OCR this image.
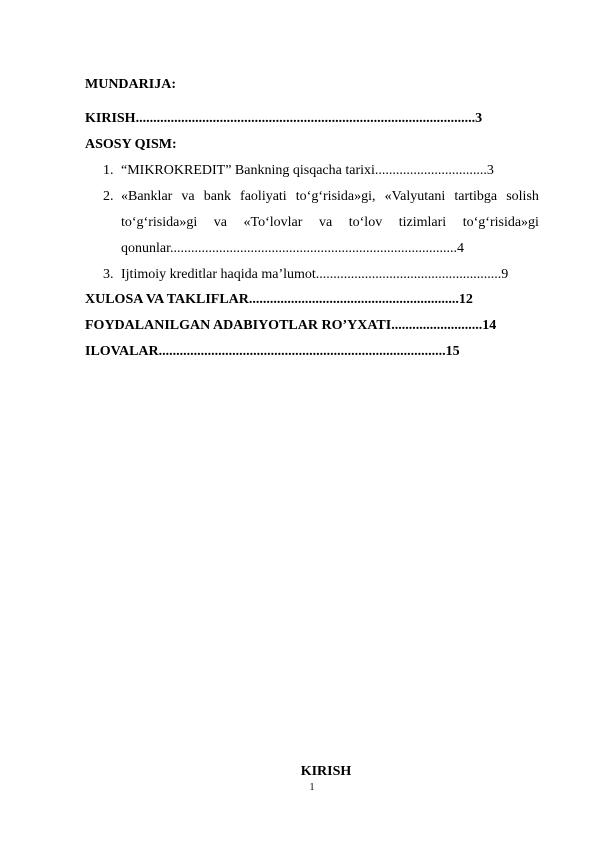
MUNDARIJA:
KIRISH.................................................................................................3
ASOSY QISM:
1. “MIKROKREDIT” Bankning qisqacha tarixi................................3
2. «Banklar va bank faoliyati to‘g‘risida»gi, «Valyutani tartibga solish
to‘g‘risida»gi va «To‘lovlar va to‘lov tizimlari to‘g‘risida»gi
qonunlar..................................................................................4
3. Ijtimoiy kreditlar haqida ma’lumot.....................................................9
XULOSA VA TAKLIFLAR............................................................12
FOYDALANILGAN ADABIYOTLAR RO’YXATI..........................14
ILOVALAR..................................................................................15
KIRISH
1
